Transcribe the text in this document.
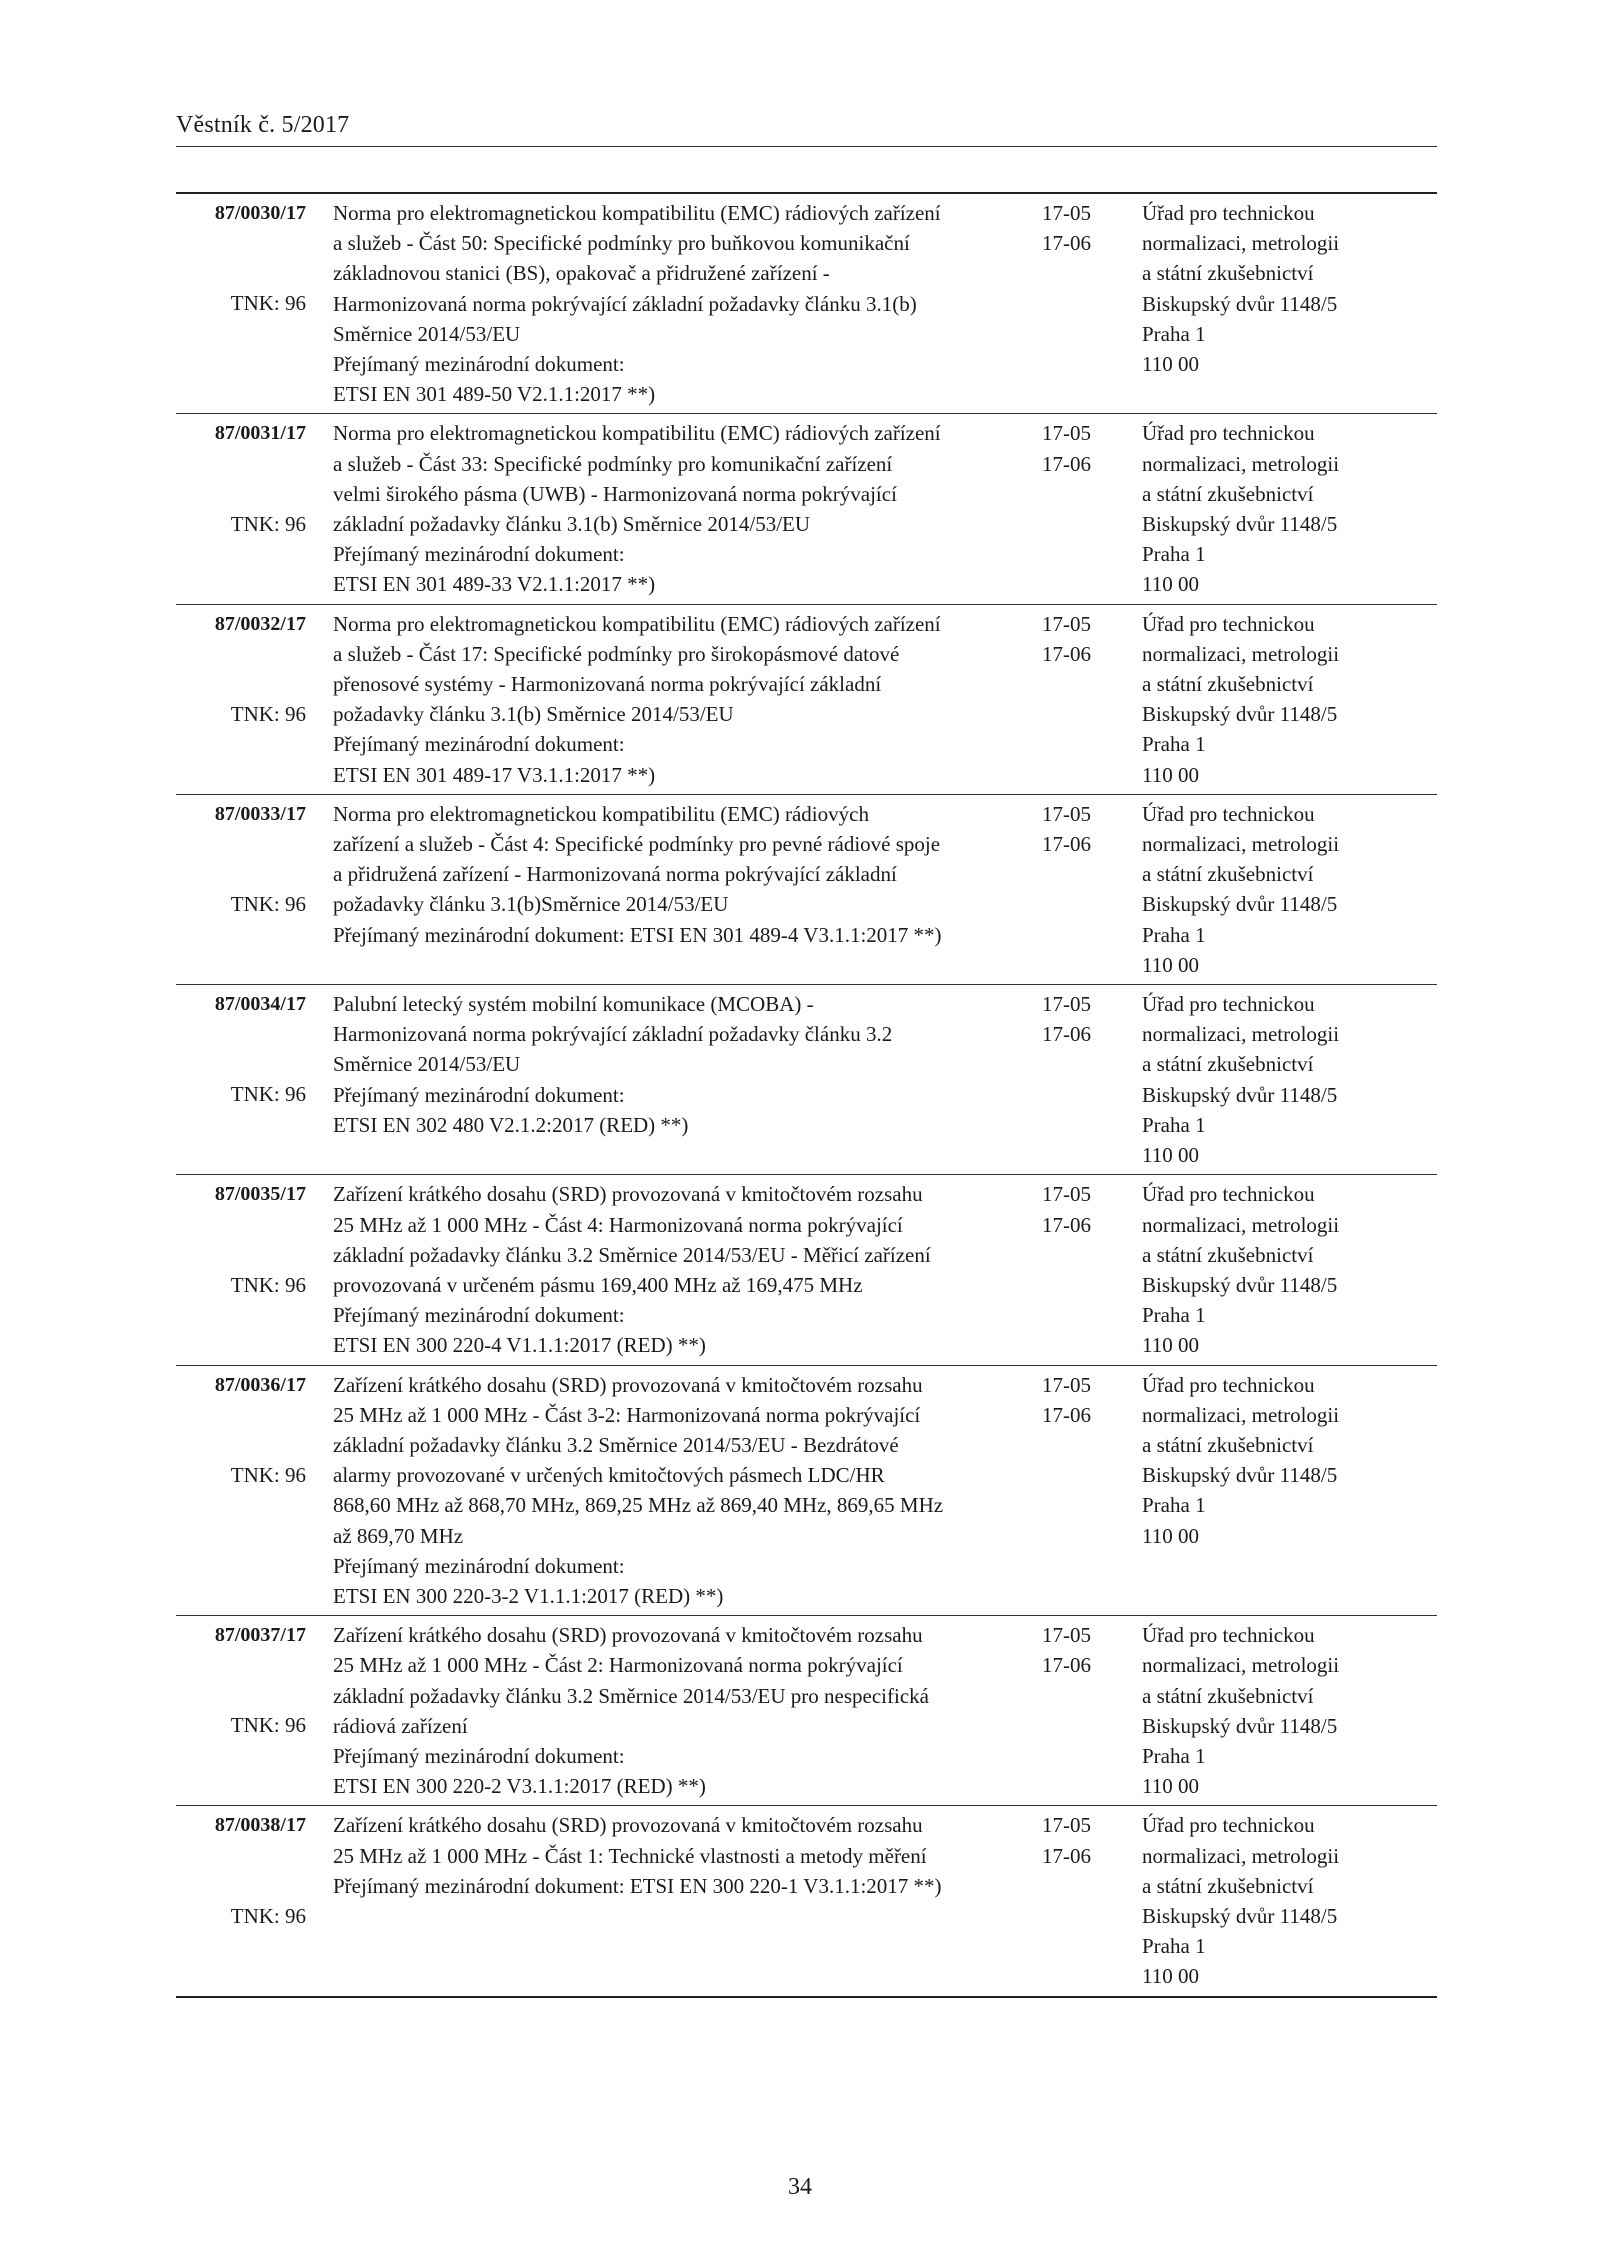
Věstník č. 5/2017
87/0030/17
TNK: 96
Norma pro elektromagnetickou kompatibilitu (EMC) rádiových zařízení
a služeb - Část 50: Specifické podmínky pro buňkovou komunikační
základnovou stanici (BS), opakovač a přidružené zařízení -
Harmonizovaná norma pokrývající základní požadavky článku 3.1(b)
Směrnice 2014/53/EU
Přejímaný mezinárodní dokument:
ETSI EN 301 489-50 V2.1.1:2017 **)
17-05
17-06
Úřad pro technickou
normalizaci, metrologii
a státní zkušebnictví
Biskupský dvůr 1148/5
Praha 1
110 00
87/0031/17
TNK: 96
Norma pro elektromagnetickou kompatibilitu (EMC) rádiových zařízení
a služeb - Část 33: Specifické podmínky pro komunikační zařízení
velmi širokého pásma (UWB) - Harmonizovaná norma pokrývající
základní požadavky článku 3.1(b) Směrnice 2014/53/EU
Přejímaný mezinárodní dokument:
ETSI EN 301 489-33 V2.1.1:2017 **)
17-05
17-06
Úřad pro technickou
normalizaci, metrologii
a státní zkušebnictví
Biskupský dvůr 1148/5
Praha 1
110 00
87/0032/17
TNK: 96
Norma pro elektromagnetickou kompatibilitu (EMC) rádiových zařízení
a služeb - Část 17: Specifické podmínky pro širokopásmové datové
přenosové systémy - Harmonizovaná norma pokrývající základní
požadavky článku 3.1(b) Směrnice 2014/53/EU
Přejímaný mezinárodní dokument:
ETSI EN 301 489-17 V3.1.1:2017 **)
17-05
17-06
Úřad pro technickou
normalizaci, metrologii
a státní zkušebnictví
Biskupský dvůr 1148/5
Praha 1
110 00
87/0033/17
TNK: 96
Norma pro elektromagnetickou kompatibilitu (EMC) rádiových
zařízení a služeb - Část 4: Specifické podmínky pro pevné rádiové spoje
a přidružená zařízení - Harmonizovaná norma pokrývající základní
požadavky článku 3.1(b)Směrnice 2014/53/EU
Přejímaný mezinárodní dokument: ETSI EN 301 489-4 V3.1.1:2017 **)
17-05
17-06
Úřad pro technickou
normalizaci, metrologii
a státní zkušebnictví
Biskupský dvůr 1148/5
Praha 1
110 00
87/0034/17
TNK: 96
Palubní letecký systém mobilní komunikace (MCOBA) -
Harmonizovaná norma pokrývající základní požadavky článku 3.2
Směrnice 2014/53/EU
Přejímaný mezinárodní dokument:
ETSI EN 302 480 V2.1.2:2017 (RED) **)
17-05
17-06
Úřad pro technickou
normalizaci, metrologii
a státní zkušebnictví
Biskupský dvůr 1148/5
Praha 1
110 00
87/0035/17
TNK: 96
Zařízení krátkého dosahu (SRD) provozovaná v kmitočtovém rozsahu
25 MHz až 1 000 MHz - Část 4: Harmonizovaná norma pokrývající
základní požadavky článku 3.2 Směrnice 2014/53/EU - Měřicí zařízení
provozovaná v určeném pásmu 169,400 MHz až 169,475 MHz
Přejímaný mezinárodní dokument:
ETSI EN 300 220-4 V1.1.1:2017 (RED) **)
17-05
17-06
Úřad pro technickou
normalizaci, metrologii
a státní zkušebnictví
Biskupský dvůr 1148/5
Praha 1
110 00
87/0036/17
TNK: 96
Zařízení krátkého dosahu (SRD) provozovaná v kmitočtovém rozsahu
25 MHz až 1 000 MHz - Část 3-2: Harmonizovaná norma pokrývající
základní požadavky článku 3.2 Směrnice 2014/53/EU - Bezdrátové
alarmy provozované v určených kmitočtových pásmech LDC/HR
868,60 MHz až 868,70 MHz, 869,25 MHz až 869,40 MHz, 869,65 MHz
až 869,70 MHz
Přejímaný mezinárodní dokument:
ETSI EN 300 220-3-2 V1.1.1:2017 (RED) **)
17-05
17-06
Úřad pro technickou
normalizaci, metrologii
a státní zkušebnictví
Biskupský dvůr 1148/5
Praha 1
110 00
87/0037/17
TNK: 96
Zařízení krátkého dosahu (SRD) provozovaná v kmitočtovém rozsahu
25 MHz až 1 000 MHz - Část 2: Harmonizovaná norma pokrývající
základní požadavky článku 3.2 Směrnice 2014/53/EU pro nespecifická
rádiová zařízení
Přejímaný mezinárodní dokument:
ETSI EN 300 220-2 V3.1.1:2017 (RED) **)
17-05
17-06
Úřad pro technickou
normalizaci, metrologii
a státní zkušebnictví
Biskupský dvůr 1148/5
Praha 1
110 00
87/0038/17
TNK: 96
Zařízení krátkého dosahu (SRD) provozovaná v kmitočtovém rozsahu
25 MHz až 1 000 MHz - Část 1: Technické vlastnosti a metody měření
Přejímaný mezinárodní dokument: ETSI EN 300 220-1 V3.1.1:2017 **)
17-05
17-06
Úřad pro technickou
normalizaci, metrologii
a státní zkušebnictví
Biskupský dvůr 1148/5
Praha 1
110 00
34
